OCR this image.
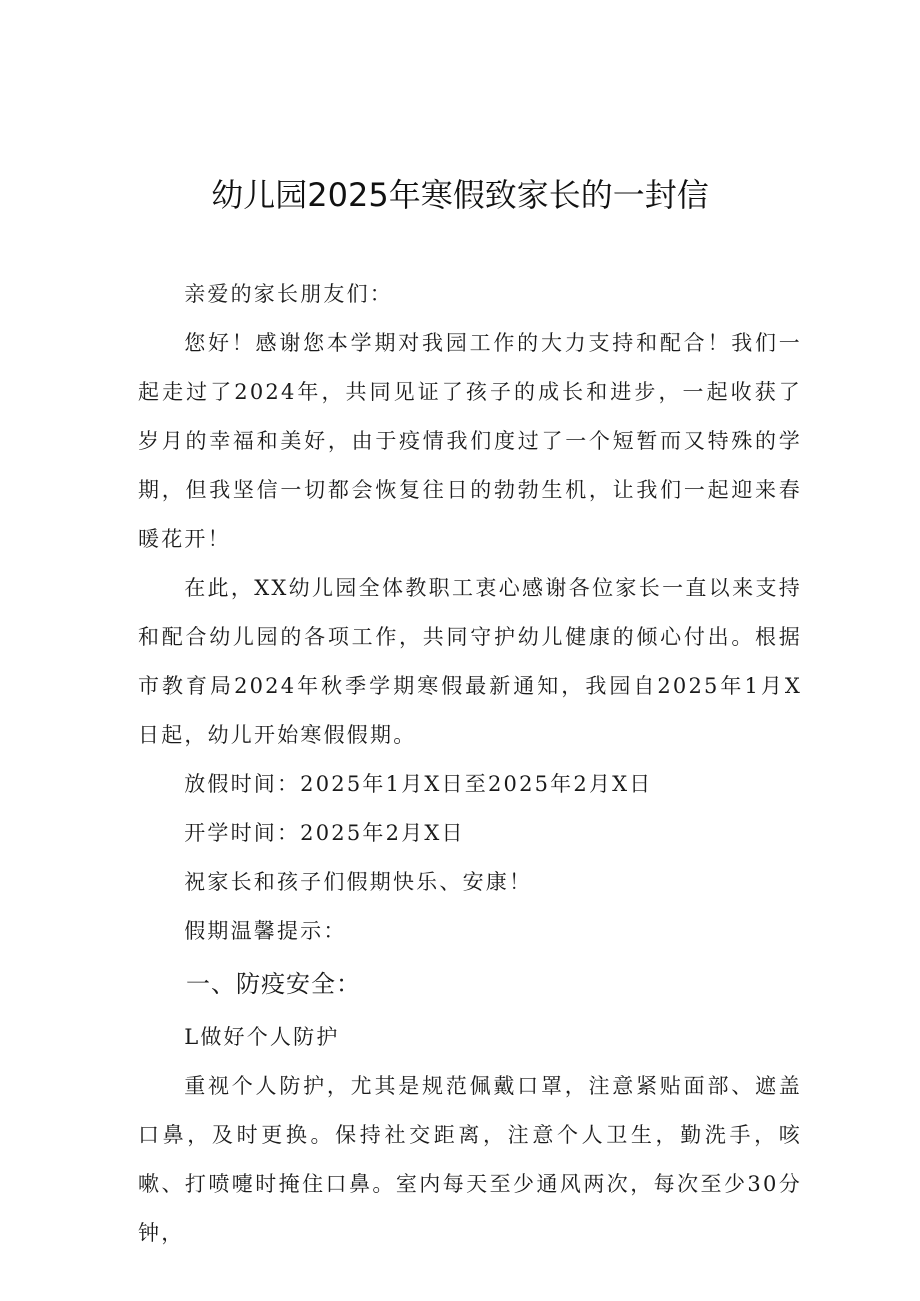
幼儿园2025年寒假致家长的一封信

亲爱的家长朋友们：

您好！感谢您本学期对我园工作的大力支持和配合！我们一起走过了2024年，共同见证了孩子的成长和进步，一起收获了岁月的幸福和美好，由于疫情我们度过了一个短暂而又特殊的学期，但我坚信一切都会恢复往日的勃勃生机，让我们一起迎来春暖花开！

在此，XX幼儿园全体教职工衷心感谢各位家长一直以来支持和配合幼儿园的各项工作，共同守护幼儿健康的倾心付出。根据市教育局2024年秋季学期寒假最新通知，我园自2025年1月X日起，幼儿开始寒假假期。

放假时间：2025年1月X日至2025年2月X日

开学时间：2025年2月X日

祝家长和孩子们假期快乐、安康！

假期温馨提示：

一、防疫安全：

L做好个人防护

重视个人防护，尤其是规范佩戴口罩，注意紧贴面部、遮盖口鼻，及时更换。保持社交距离，注意个人卫生，勤洗手，咳嗽、打喷嚏时掩住口鼻。室内每天至少通风两次，每次至少30分钟，
